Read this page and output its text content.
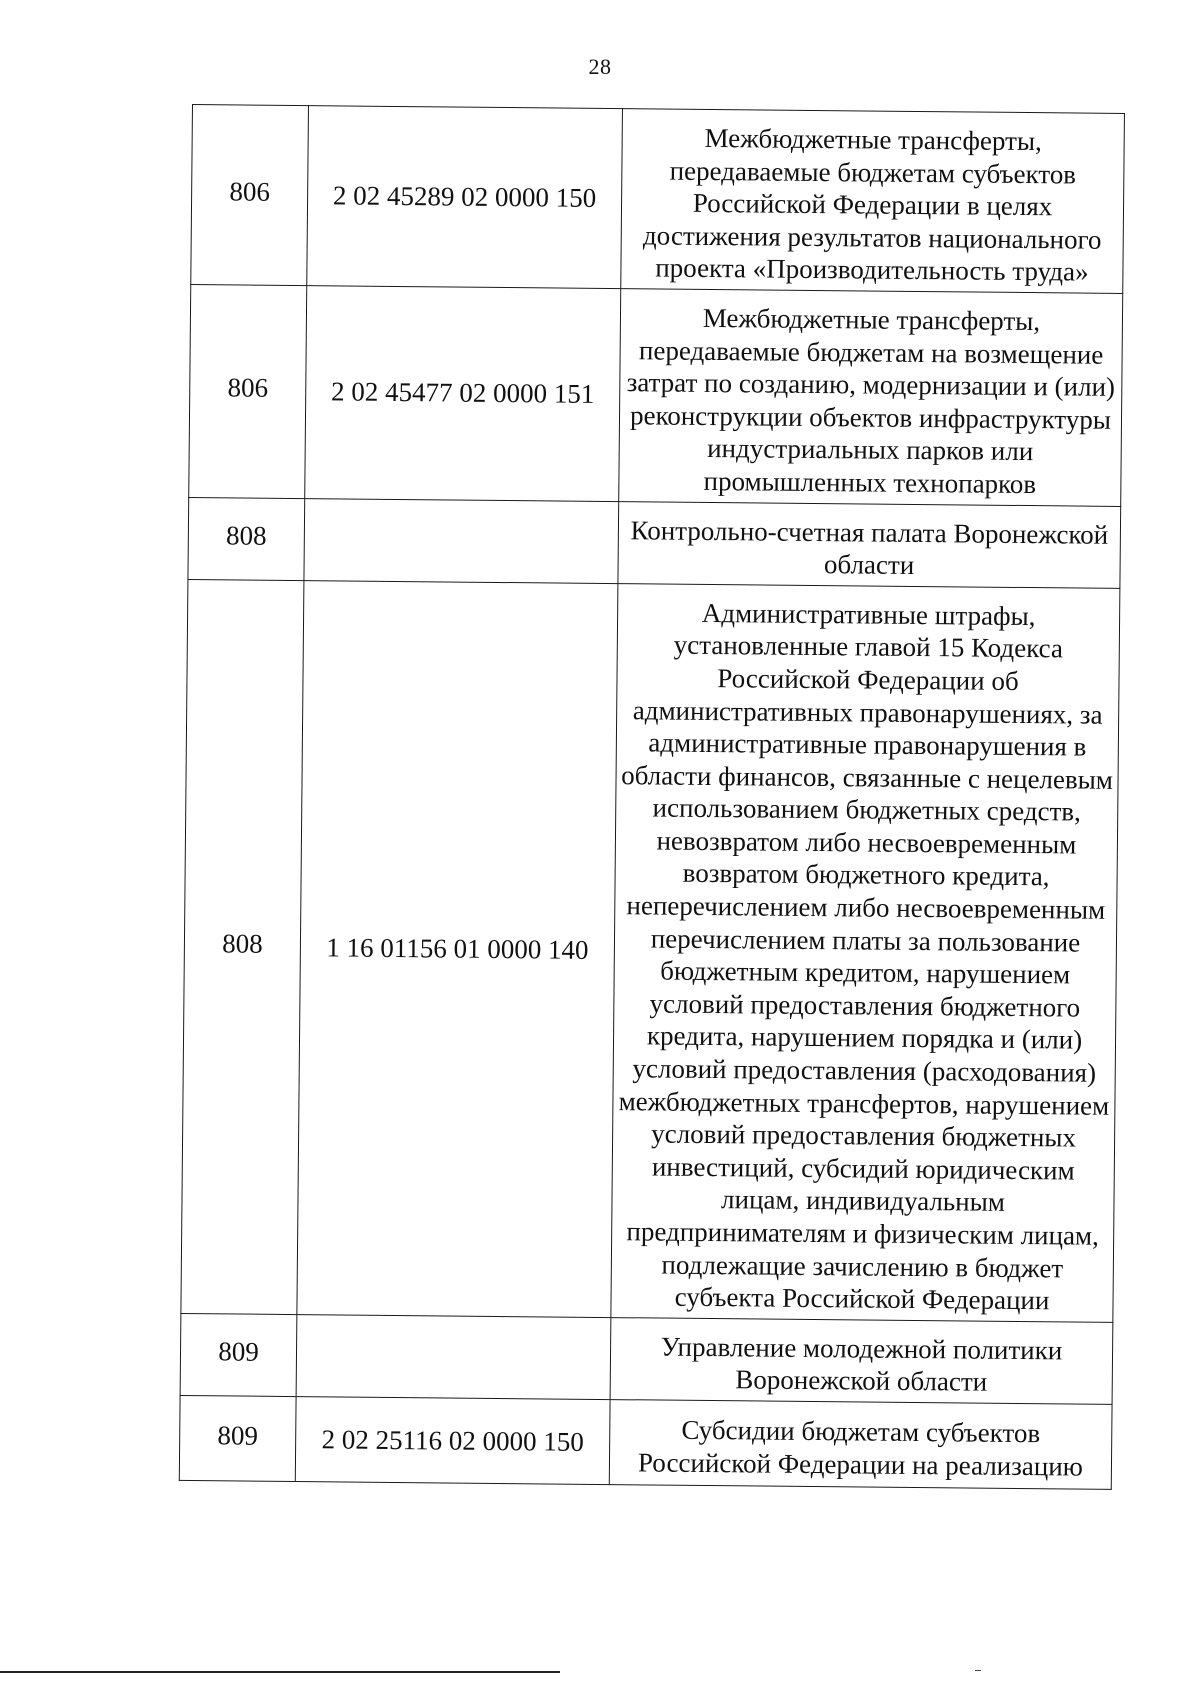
28
806	2 02 45289 02 0000 150	Межбюджетные трансферты, передаваемые бюджетам субъектов Российской Федерации в целях достижения результатов национального проекта «Производительность труда»

806	2 02 45477 02 0000 151	Межбюджетные трансферты, передаваемые бюджетам на возмещение затрат по созданию, модернизации и (или) реконструкции объектов инфраструктуры индустриальных парков или промышленных технопарков

808		Контрольно-счетная палата Воронежской области

808	1 16 01156 01 0000 140	Административные штрафы, установленные главой 15 Кодекса Российской Федерации об административных правонарушениях, за административные правонарушения в области финансов, связанные с нецелевым использованием бюджетных средств, невозвратом либо несвоевременным возвратом бюджетного кредита, неперечислением либо несвоевременным перечислением платы за пользование бюджетным кредитом, нарушением условий предоставления бюджетного кредита, нарушением порядка и (или) условий предоставления (расходования) межбюджетных трансфертов, нарушением условий предоставления бюджетных инвестиций, субсидий юридическим лицам, индивидуальным предпринимателям и физическим лицам, подлежащие зачислению в бюджет субъекта Российской Федерации

809		Управление молодежной политики Воронежской области

809	2 02 25116 02 0000 150	Субсидии бюджетам субъектов Российской Федерации на реализацию
